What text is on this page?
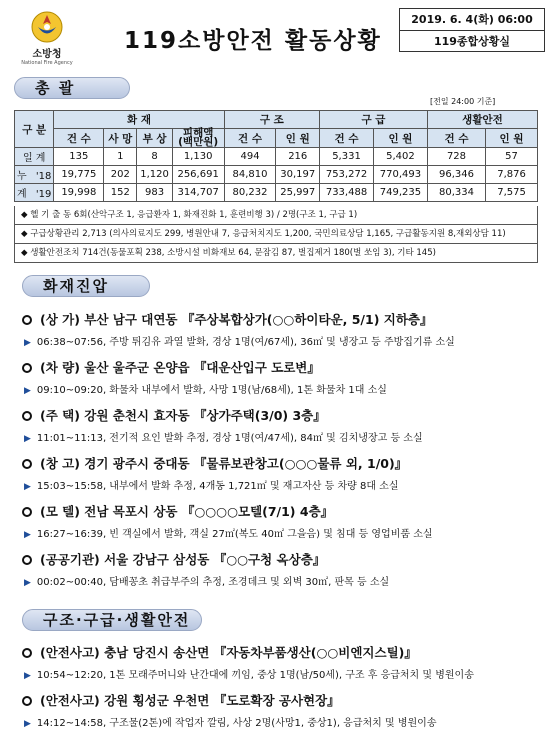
소방청
National Fire Agency
119소방안전 활동상황
2019. 6. 4(화) 06:00
119종합상황실
총 괄
[전일 24:00 기준]
구 분	화 재				구 조		구 급		생활안전	
	건 수	사 망	부 상	피해액
(백만원)	건 수	인 원	건 수	인 원	건 수	인 원
일 계	135	1	8	1,130	494	216	5,331	5,402	728	57
누 '18	19,775	202	1,120	256,691	84,810	30,197	753,272	770,493	96,346	7,876
계 '19	19,998	152	983	314,707	80,232	25,997	733,488	749,235	80,334	7,575
◆ 헬 기 출 동 6회(산악구조 1, 응급환자 1, 화재진화 1, 훈련비행 3) / 2명(구조 1, 구급 1)
◆ 구급상황관리 2,713 (의사의료지도 299, 병원안내 7, 응급처치지도 1,200, 국민의료상담 1,165, 구급활동지원 8,재외상담 11)
◆ 생활안전조치 714건(동물포획 238, 소방시설 비화재보 64, 문잠김 87, 벌집제거 180(벌 쏘임 3), 기타 145)
화재진압
(상 가) 부산 남구 대연동 『주상복합상가(○○하이타운, 5/1) 지하층』
▶ 06:38~07:56, 주방 튀김유 과열 발화, 경상 1명(여/67세), 36㎡ 및 냉장고 등 주방집기류 소실
(차 량) 울산 울주군 온양읍 『대운산입구 도로변』
▶ 09:10~09:20, 화물차 내부에서 발화, 사망 1명(남/68세), 1톤 화물차 1대 소실
(주 택) 강원 춘천시 효자동 『상가주택(3/0) 3층』
▶ 11:01~11:13, 전기적 요인 발화 추정, 경상 1명(여/47세), 84㎡ 및 김치냉장고 등 소실
(창 고) 경기 광주시 중대동 『물류보관창고(○○○물류 외, 1/0)』
▶ 15:03~15:58, 내부에서 발화 추정, 4개동 1,721㎡ 및 재고자산 등 차량 8대 소실
(모 텔) 전남 목포시 상동 『○○○○모텔(7/1) 4층』
▶ 16:27~16:39, 빈 객실에서 발화, 객실 27㎡(복도 40㎡ 그을음) 및 침대 등 영업비품 소실
(공공기관) 서울 강남구 삼성동 『○○구청 옥상층』
▶ 00:02~00:40, 담배꽁초 취급부주의 추정, 조경데크 및 외벽 30㎡, 판목 등 소실
구조·구급·생활안전
(안전사고) 충남 당진시 송산면 『자동차부품생산(○○비엔지스틸)』
▶ 10:54~12:20, 1톤 모래주머니와 난간대에 끼임, 중상 1명(남/50세), 구조 후 응급처치 및 병원이송
(안전사고) 강원 횡성군 우천면 『도로확장 공사현장』
▶ 14:12~14:58, 구조물(2톤)에 작업자 깔림, 사상 2명(사망1, 중상1), 응급처치 및 병원이송
